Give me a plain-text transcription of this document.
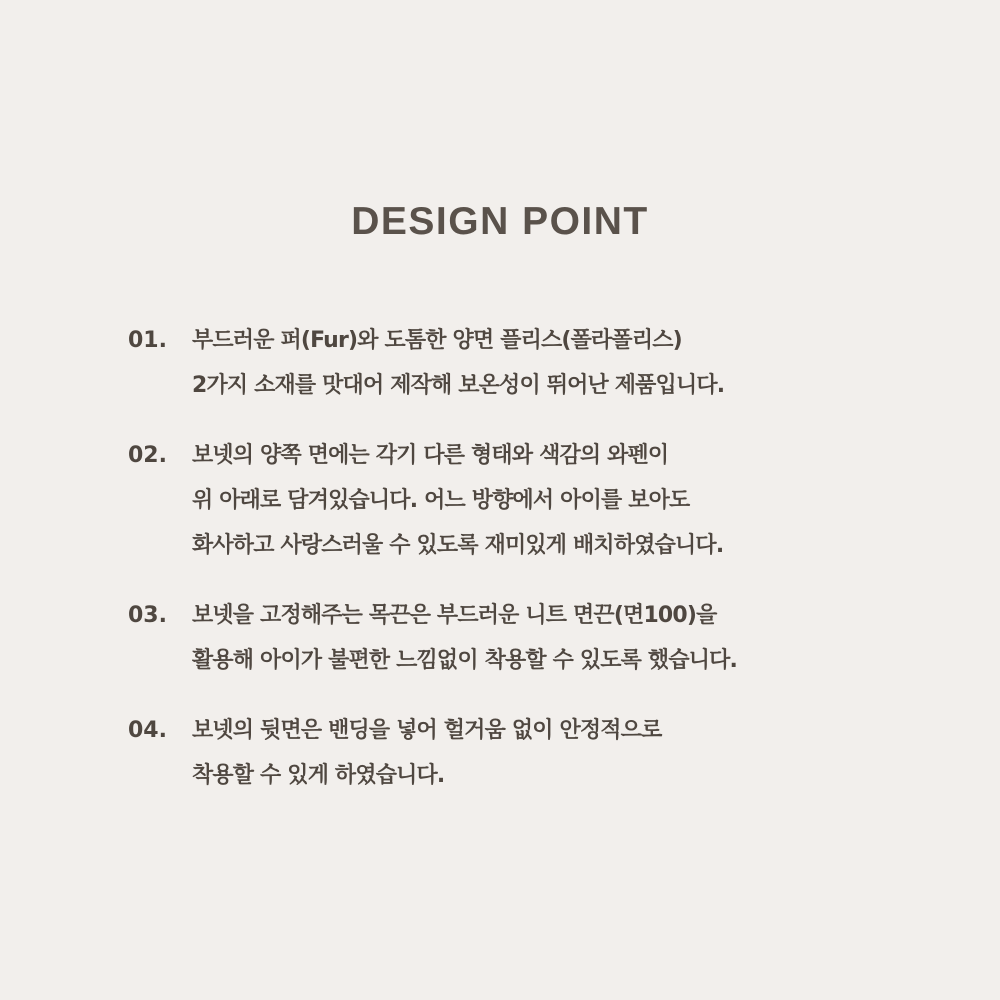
DESIGN POINT
01.	부드러운 퍼(Fur)와 도톰한 양면 플리스(폴라폴리스)
2가지 소재를 맛대어 제작해 보온성이 뛰어난 제품입니다.
02.	보넷의 양쪽 면에는 각기 다른 형태와 색감의 와펜이
위 아래로 담겨있습니다. 어느 방향에서 아이를 보아도
화사하고 사랑스러울 수 있도록 재미있게 배치하였습니다.
03.	보넷을 고정해주는 목끈은 부드러운 니트 면끈(면100)을
활용해 아이가 불편한 느낌없이 착용할 수 있도록 했습니다.
04.	보넷의 뒷면은 밴딩을 넣어 헐거움 없이 안정적으로
착용할 수 있게 하였습니다.
